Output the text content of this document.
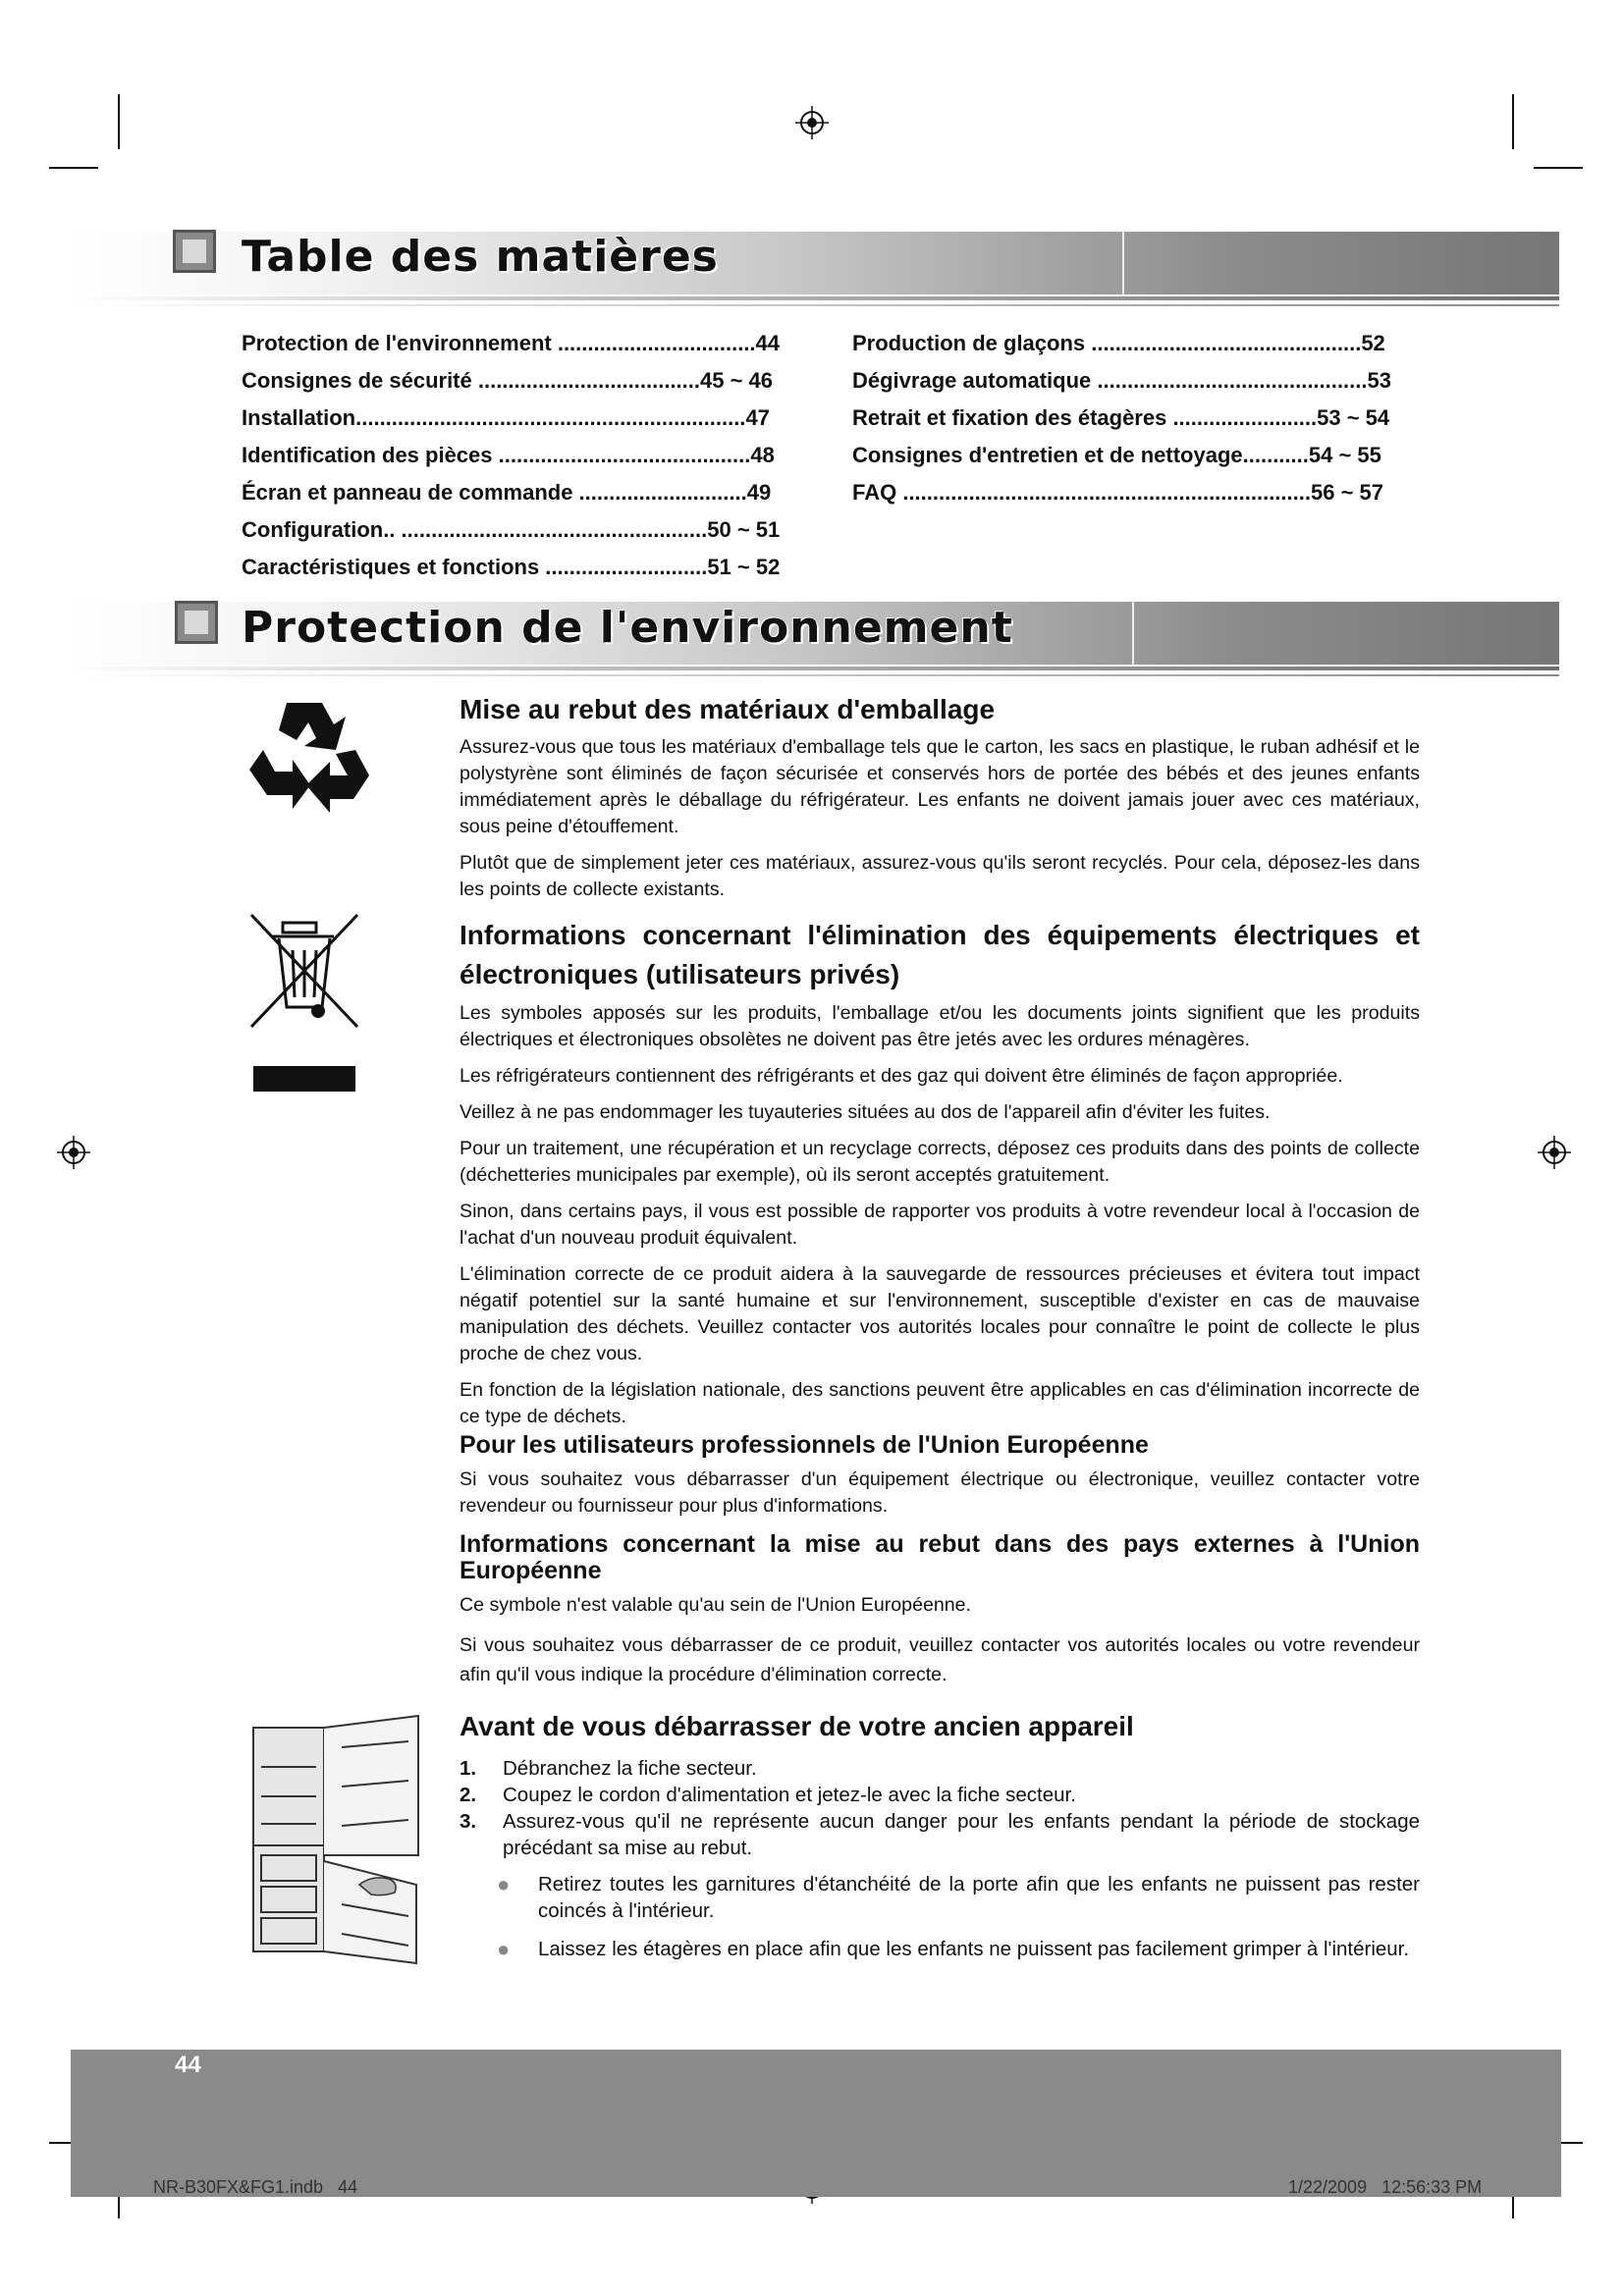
Table des matières
Protection de l'environnement .................................44
Consignes de sécurité .....................................45 ~ 46
Installation.................................................................47
Identification des pièces ..........................................48
Écran et panneau de commande ............................49
Configuration.. ...................................................50 ~ 51
Caractéristiques et fonctions ...........................51 ~ 52
Production de glaçons .............................................52
Dégivrage automatique .............................................53
Retrait et fixation des étagères ........................53 ~ 54
Consignes d'entretien et de nettoyage...........54 ~ 55
FAQ ....................................................................56 ~ 57
Protection de l'environnement

Mise au rebut des matériaux d'emballage

Assurez-vous que tous les matériaux d'emballage tels que le carton, les sacs en plastique, le ruban adhésif et le polystyrène sont éliminés de façon sécurisée et conservés hors de portée des bébés et des jeunes enfants immédiatement après le déballage du réfrigérateur. Les enfants ne doivent jamais jouer avec ces matériaux, sous peine d'étouffement.

Plutôt que de simplement jeter ces matériaux, assurez-vous qu'ils seront recyclés. Pour cela, déposez-les dans les points de collecte existants.

Informations concernant l'élimination des équipements électriques et électroniques (utilisateurs privés)

Les symboles apposés sur les produits, l'emballage et/ou les documents joints signifient que les produits électriques et électroniques obsolètes ne doivent pas être jetés avec les ordures ménagères.

Les réfrigérateurs contiennent des réfrigérants et des gaz qui doivent être éliminés de façon appropriée.

Veillez à ne pas endommager les tuyauteries situées au dos de l'appareil afin d'éviter les fuites.

Pour un traitement, une récupération et un recyclage corrects, déposez ces produits dans des points de collecte (déchetteries municipales par exemple), où ils seront acceptés gratuitement.

Sinon, dans certains pays, il vous est possible de rapporter vos produits à votre revendeur local à l'occasion de l'achat d'un nouveau produit équivalent.

L'élimination correcte de ce produit aidera à la sauvegarde de ressources précieuses et évitera tout impact négatif potentiel sur la santé humaine et sur l'environnement, susceptible d'exister en cas de mauvaise manipulation des déchets. Veuillez contacter vos autorités locales pour connaître le point de collecte le plus proche de chez vous.

En fonction de la législation nationale, des sanctions peuvent être applicables en cas d'élimination incorrecte de ce type de déchets.

Pour les utilisateurs professionnels de l'Union Européenne

Si vous souhaitez vous débarrasser d'un équipement électrique ou électronique, veuillez contacter votre revendeur ou fournisseur pour plus d'informations.

Informations concernant la mise au rebut dans des pays externes à l'Union Européenne

Ce symbole n'est valable qu'au sein de l'Union Européenne.

Si vous souhaitez vous débarrasser de ce produit, veuillez contacter vos autorités locales ou votre revendeur afin qu'il vous indique la procédure d'élimination correcte.

Avant de vous débarrasser de votre ancien appareil

1. Débranchez la fiche secteur.
2. Coupez le cordon d'alimentation et jetez-le avec la fiche secteur.
3. Assurez-vous qu'il ne représente aucun danger pour les enfants pendant la période de stockage précédant sa mise au rebut.
● Retirez toutes les garnitures d'étanchéité de la porte afin que les enfants ne puissent pas rester coincés à l'intérieur.
● Laissez les étagères en place afin que les enfants ne puissent pas facilement grimper à l'intérieur.
44
NR-B30FX&FG1.indb   44	1/22/2009   12:56:33 PM
